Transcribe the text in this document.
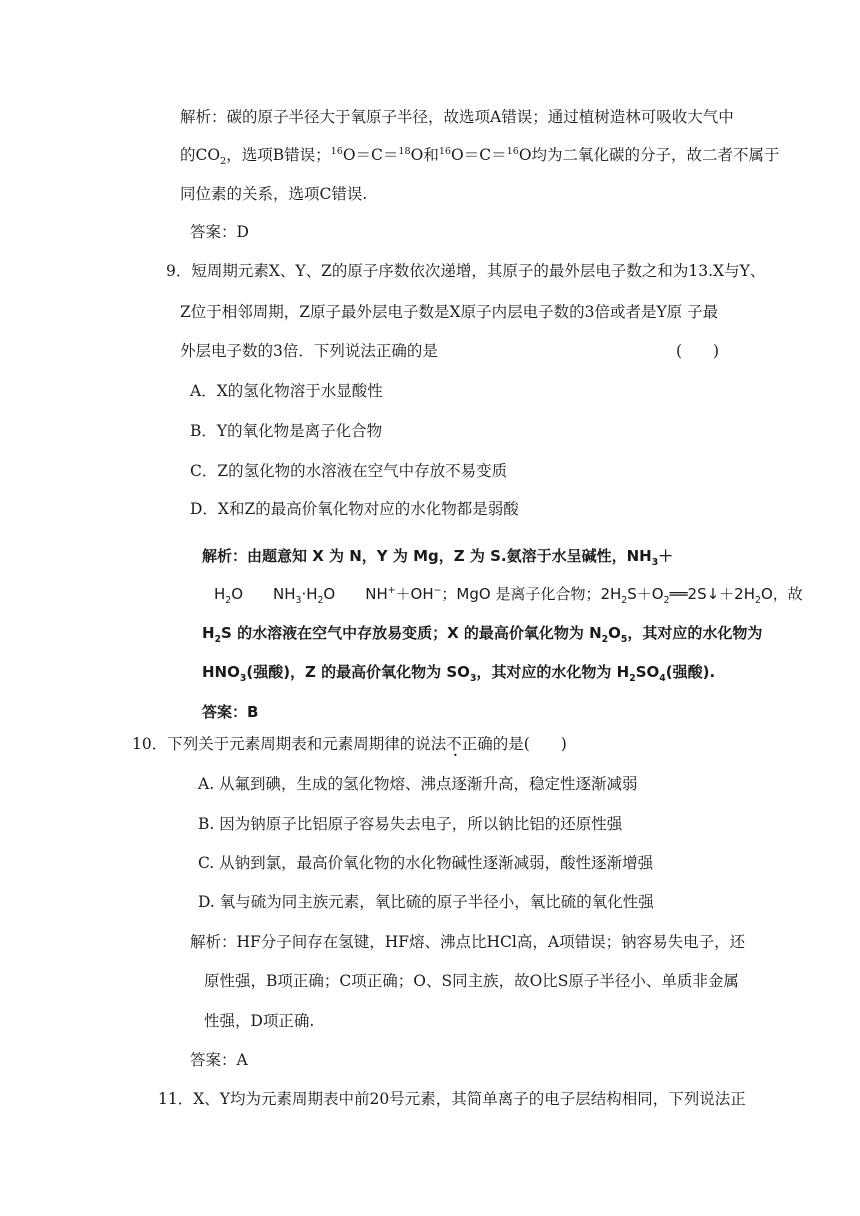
解析：碳的原子半径大于氧原子半径，故选项A错误；通过植树造林可吸收大气中
的$CO_2$，选项B错误；$^{16}$O＝C＝$^{18}$O和$^{16}$O＝C＝$^{16}$O均为二氧化碳的分子，故二者不属于
同位素的关系，选项C错误.
答案：D
9．短周期元素X、Y、Z的原子序数依次递增，其原子的最外层电子数之和为13.X与Y、
Z位于相邻周期，Z原子最外层电子数是X原子内层电子数的3倍或者是Y原 子最
外层电子数的3倍．下列说法正确的是	(　　)
A．X的氢化物溶于水显酸性
B．Y的氧化物是离子化合物
C．Z的氢化物的水溶液在空气中存放不易变质
D．X和Z的最高价氧化物对应的水化物都是弱酸
解析：由题意知 X 为 N，Y 为 Mg，Z 为 S.氨溶于水呈碱性，$NH_3+$
$H_2O$　　$NH_3\cdot H_2O$　　NH+＋OH−；MgO 是离子化合物；$2H_2S+O_2══2S↓+2H_2O$，故
$H_2S$ 的水溶液在空气中存放易变质；X 的最高价氧化物为 $N_2O_5$，其对应的水化物为
$HNO_3$(强酸)，Z 的最高价氧化物为 $SO_3$，其对应的水化物为 $H_2SO_4$(强酸).
答案：B
10．下列关于元素周期表和元素周期律的说法不正确的是(　　)
A. 从氟到碘，生成的氢化物熔、沸点逐渐升高，稳定性逐渐减弱
B. 因为钠原子比铝原子容易失去电子，所以钠比铝的还原性强
C. 从钠到氯，最高价氧化物的水化物碱性逐渐减弱，酸性逐渐增强
D. 氧与硫为同主族元素，氧比硫的原子半径小，氧比硫的氧化性强
解析：HF分子间存在氢键，HF熔、沸点比HCl高，A项错误；钠容易失电子，还
原性强，B项正确；C项正确；O、S同主族，故O比S原子半径小、单质非金属
性强，D项正确.
答案：A
11．X、Y均为元素周期表中前20号元素，其简单离子的电子层结构相同，下列说法正
